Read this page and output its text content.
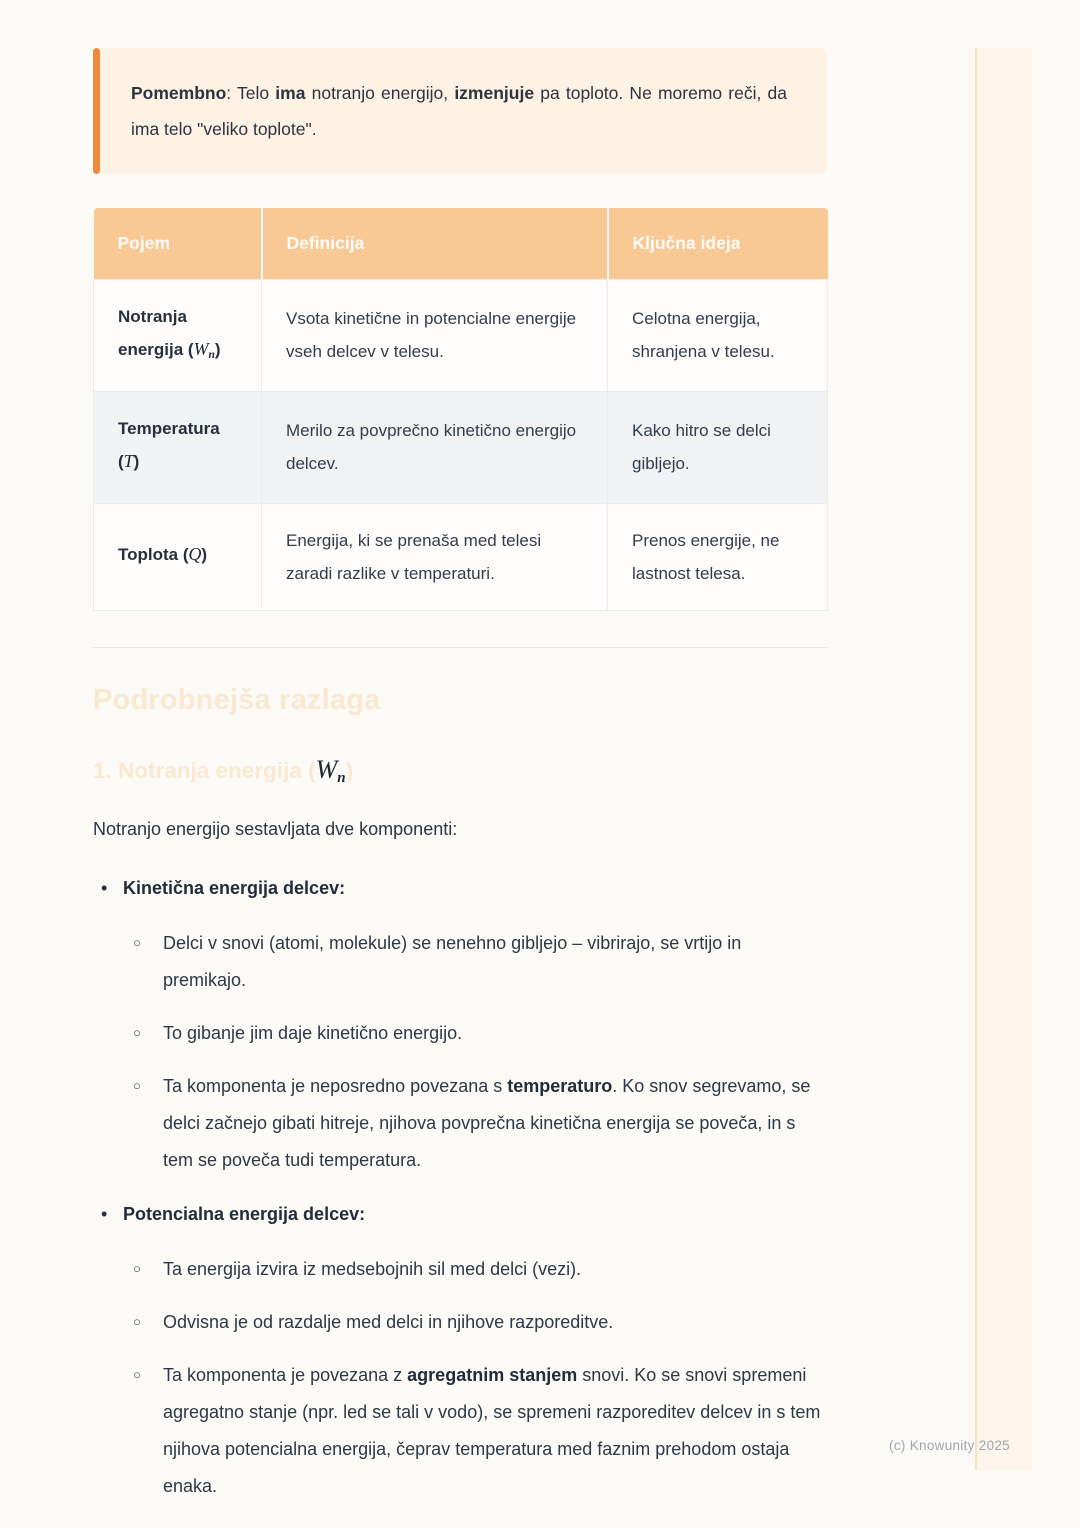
Pomembno: Telo ima notranjo energijo, izmenjuje pa toploto. Ne moremo reči, da ima telo "veliko toplote".

Pojem	Definicija	Ključna ideja
Notranja energija (Wn)	Vsota kinetične in potencialne energije vseh delcev v telesu.	Celotna energija, shranjena v telesu.
Temperatura (T)	Merilo za povprečno kinetično energijo delcev.	Kako hitro se delci gibljejo.
Toplota (Q)	Energija, ki se prenaša med telesi zaradi razlike v temperaturi.	Prenos energije, ne lastnost telesa.
Podrobnejša razlaga
1. Notranja energija (Wn)

Notranjo energijo sestavljata dve komponenti:

• Kinetična energija delcev:
○	Delci v snovi (atomi, molekule) se nenehno gibljejo – vibrirajo, se vrtijo in premikajo.
○	To gibanje jim daje kinetično energijo.
○	Ta komponenta je neposredno povezana s temperaturo. Ko snov segrevamo, se delci začnejo gibati hitreje, njihova povprečna kinetična energija se poveča, in s tem se poveča tudi temperatura.
• Potencialna energija delcev:
○	Ta energija izvira iz medsebojnih sil med delci (vezi).
○	Odvisna je od razdalje med delci in njihove razporeditve.
○	Ta komponenta je povezana z agregatnim stanjem snovi. Ko se snovi spremeni agregatno stanje (npr. led se tali v vodo), se spremeni razporeditev delcev in s tem njihova potencialna energija, čeprav temperatura med faznim prehodom ostaja enaka.
(c) Knowunity 2025
